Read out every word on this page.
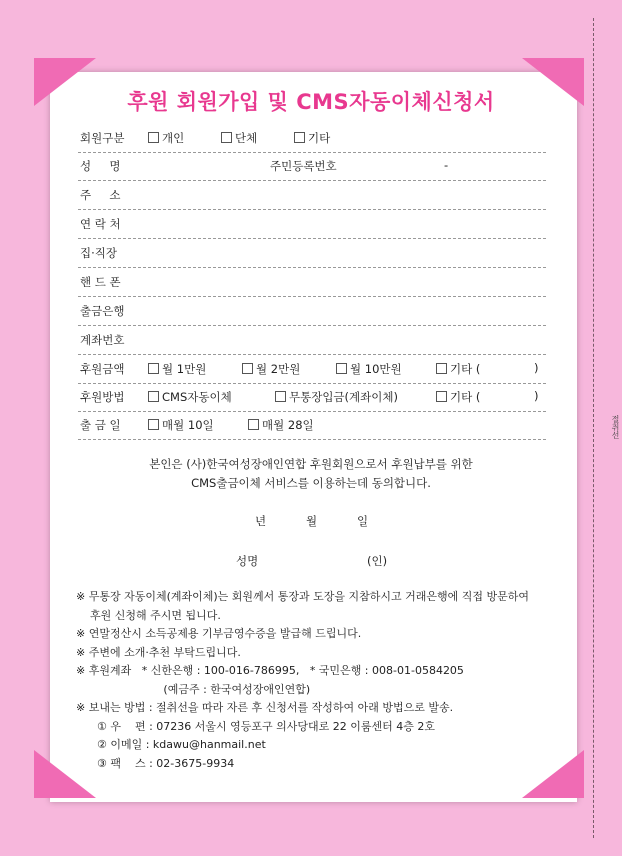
절취선
후원 회원가입 및 CMS자동이체신청서
회원구분	개인	단체	기타
성     명	주민등록번호	-
주     소
연 락 처
집·직장
핸 드 폰
출금은행
계좌번호
후원금액	월 1만원	월 2만원	월 10만원	기타 (	)
후원방법	CMS자동이체	무통장입금(계좌이체)	기타 (	)
출 금 일	매월 10일	매월 28일
본인은 (사)한국여성장애인연합 후원회원으로서 후원납부를 위한
CMS출금이체 서비스를 이용하는데 동의합니다.
년	월	일
성명	(인)
※ 무통장 자동이체(계좌이체)는 회원께서 통장과 도장을 지참하시고 거래은행에 직접 방문하여
후원 신청해 주시면 됩니다.
※ 연말정산시 소득공제용 기부금영수증을 발급해 드립니다.
※ 주변에 소개·추천 부탁드립니다.
※ 후원계좌   * 신한은행 : 100-016-786995,   * 국민은행 : 008-01-0584205
(예금주 : 한국여성장애인연합)
※ 보내는 방법 : 절취선을 따라 자른 후 신청서를 작성하여 아래 방법으로 발송.
① 우    편 : 07236 서울시 영등포구 의사당대로 22 이룸센터 4층 2호
② 이메일 : kdawu@hanmail.net
③ 팩    스 : 02-3675-9934
